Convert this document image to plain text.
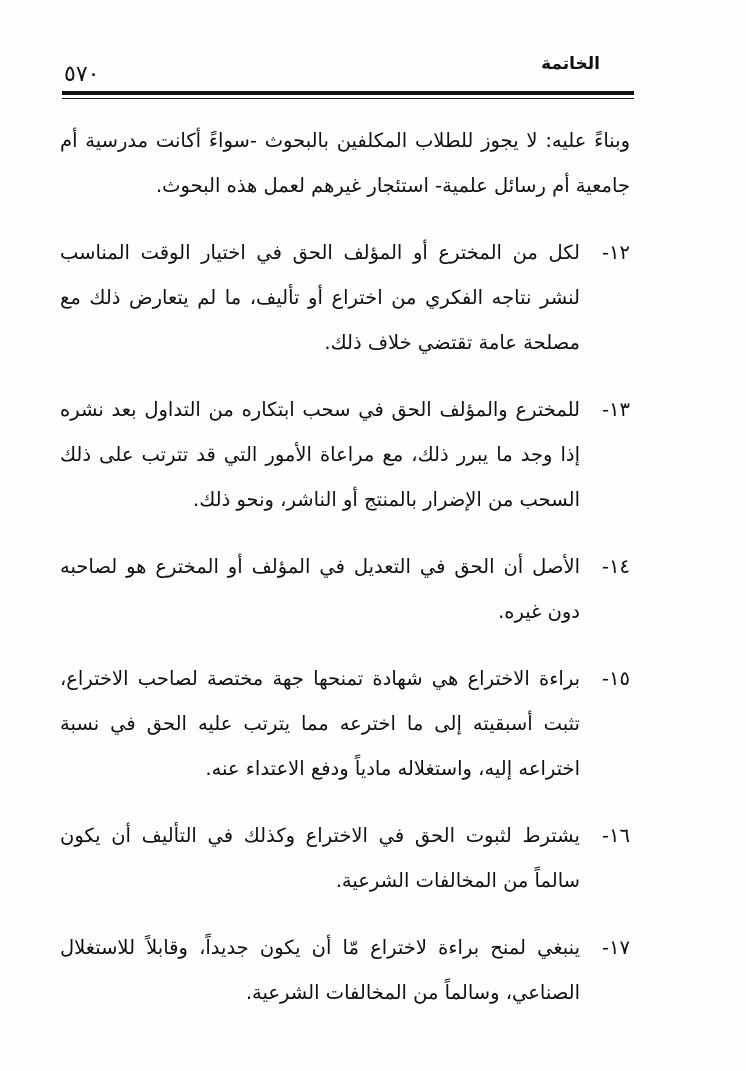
٥٧٠	الخاتمة

وبناءً عليه: لا يجوز للطلاب المكلفين بالبحوث -سواءً أكانت مدرسية أم جامعية أم رسائل علمية- استئجار غيرهم لعمل هذه البحوث.

١٢-
لكل من المخترع أو المؤلف الحق في اختيار الوقت المناسب لنشر نتاجه الفكري من اختراع أو تأليف، ما لم يتعارض ذلك مع مصلحة عامة تقتضي خلاف ذلك.
١٣-
للمخترع والمؤلف الحق في سحب ابتكاره من التداول بعد نشره إذا وجد ما يبرر ذلك، مع مراعاة الأمور التي قد تترتب على ذلك السحب من الإضرار بالمنتج أو الناشر، ونحو ذلك.
١٤-
الأصل أن الحق في التعديل في المؤلف أو المخترع هو لصاحبه دون غيره.
١٥-
براءة الاختراع هي شهادة تمنحها جهة مختصة لصاحب الاختراع، تثبت أسبقيته إلى ما اخترعه مما يترتب عليه الحق في نسبة اختراعه إليه، واستغلاله مادياً ودفع الاعتداء عنه.
١٦-
يشترط لثبوت الحق في الاختراع وكذلك في التأليف أن يكون سالماً من المخالفات الشرعية.
١٧-
ينبغي لمنح براءة لاختراع مّا أن يكون جديداً، وقابلاً للاستغلال الصناعي، وسالماً من المخالفات الشرعية.
